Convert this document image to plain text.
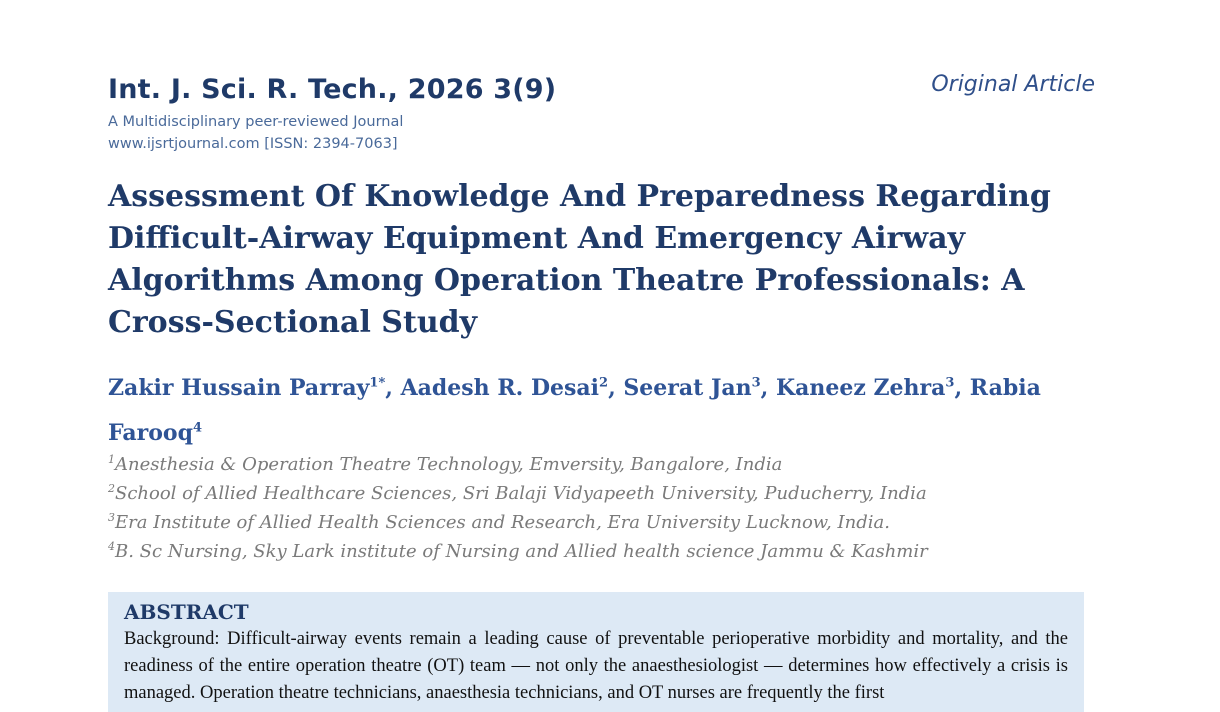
Int. J. Sci. R. Tech., 2026 3(9)	Original Article
A Multidisciplinary peer-reviewed Journal
www.ijsrtjournal.com [ISSN: 2394-7063]
Assessment Of Knowledge And Preparedness Regarding Difficult-Airway Equipment And Emergency Airway Algorithms Among Operation Theatre Professionals: A Cross-Sectional Study
Zakir Hussain Parray$^{1*}$, Aadesh R. Desai$^2$, Seerat Jan$^3$, Kaneez Zehra$^3$, Rabia Farooq$^4$
$^1$Anesthesia & Operation Theatre Technology, Emversity, Bangalore, India
$^2$School of Allied Healthcare Sciences, Sri Balaji Vidyapeeth University, Puducherry, India
$^3$Era Institute of Allied Health Sciences and Research, Era University Lucknow, India.
$^4$B. Sc Nursing, Sky Lark institute of Nursing and Allied health science Jammu & Kashmir
ABSTRACT

Background: Difficult-airway events remain a leading cause of preventable perioperative morbidity and mortality, and the readiness of the entire operation theatre (OT) team — not only the anaesthesiologist — determines how effectively a crisis is managed. Operation theatre technicians, anaesthesia technicians, and OT nurses are frequently the first
